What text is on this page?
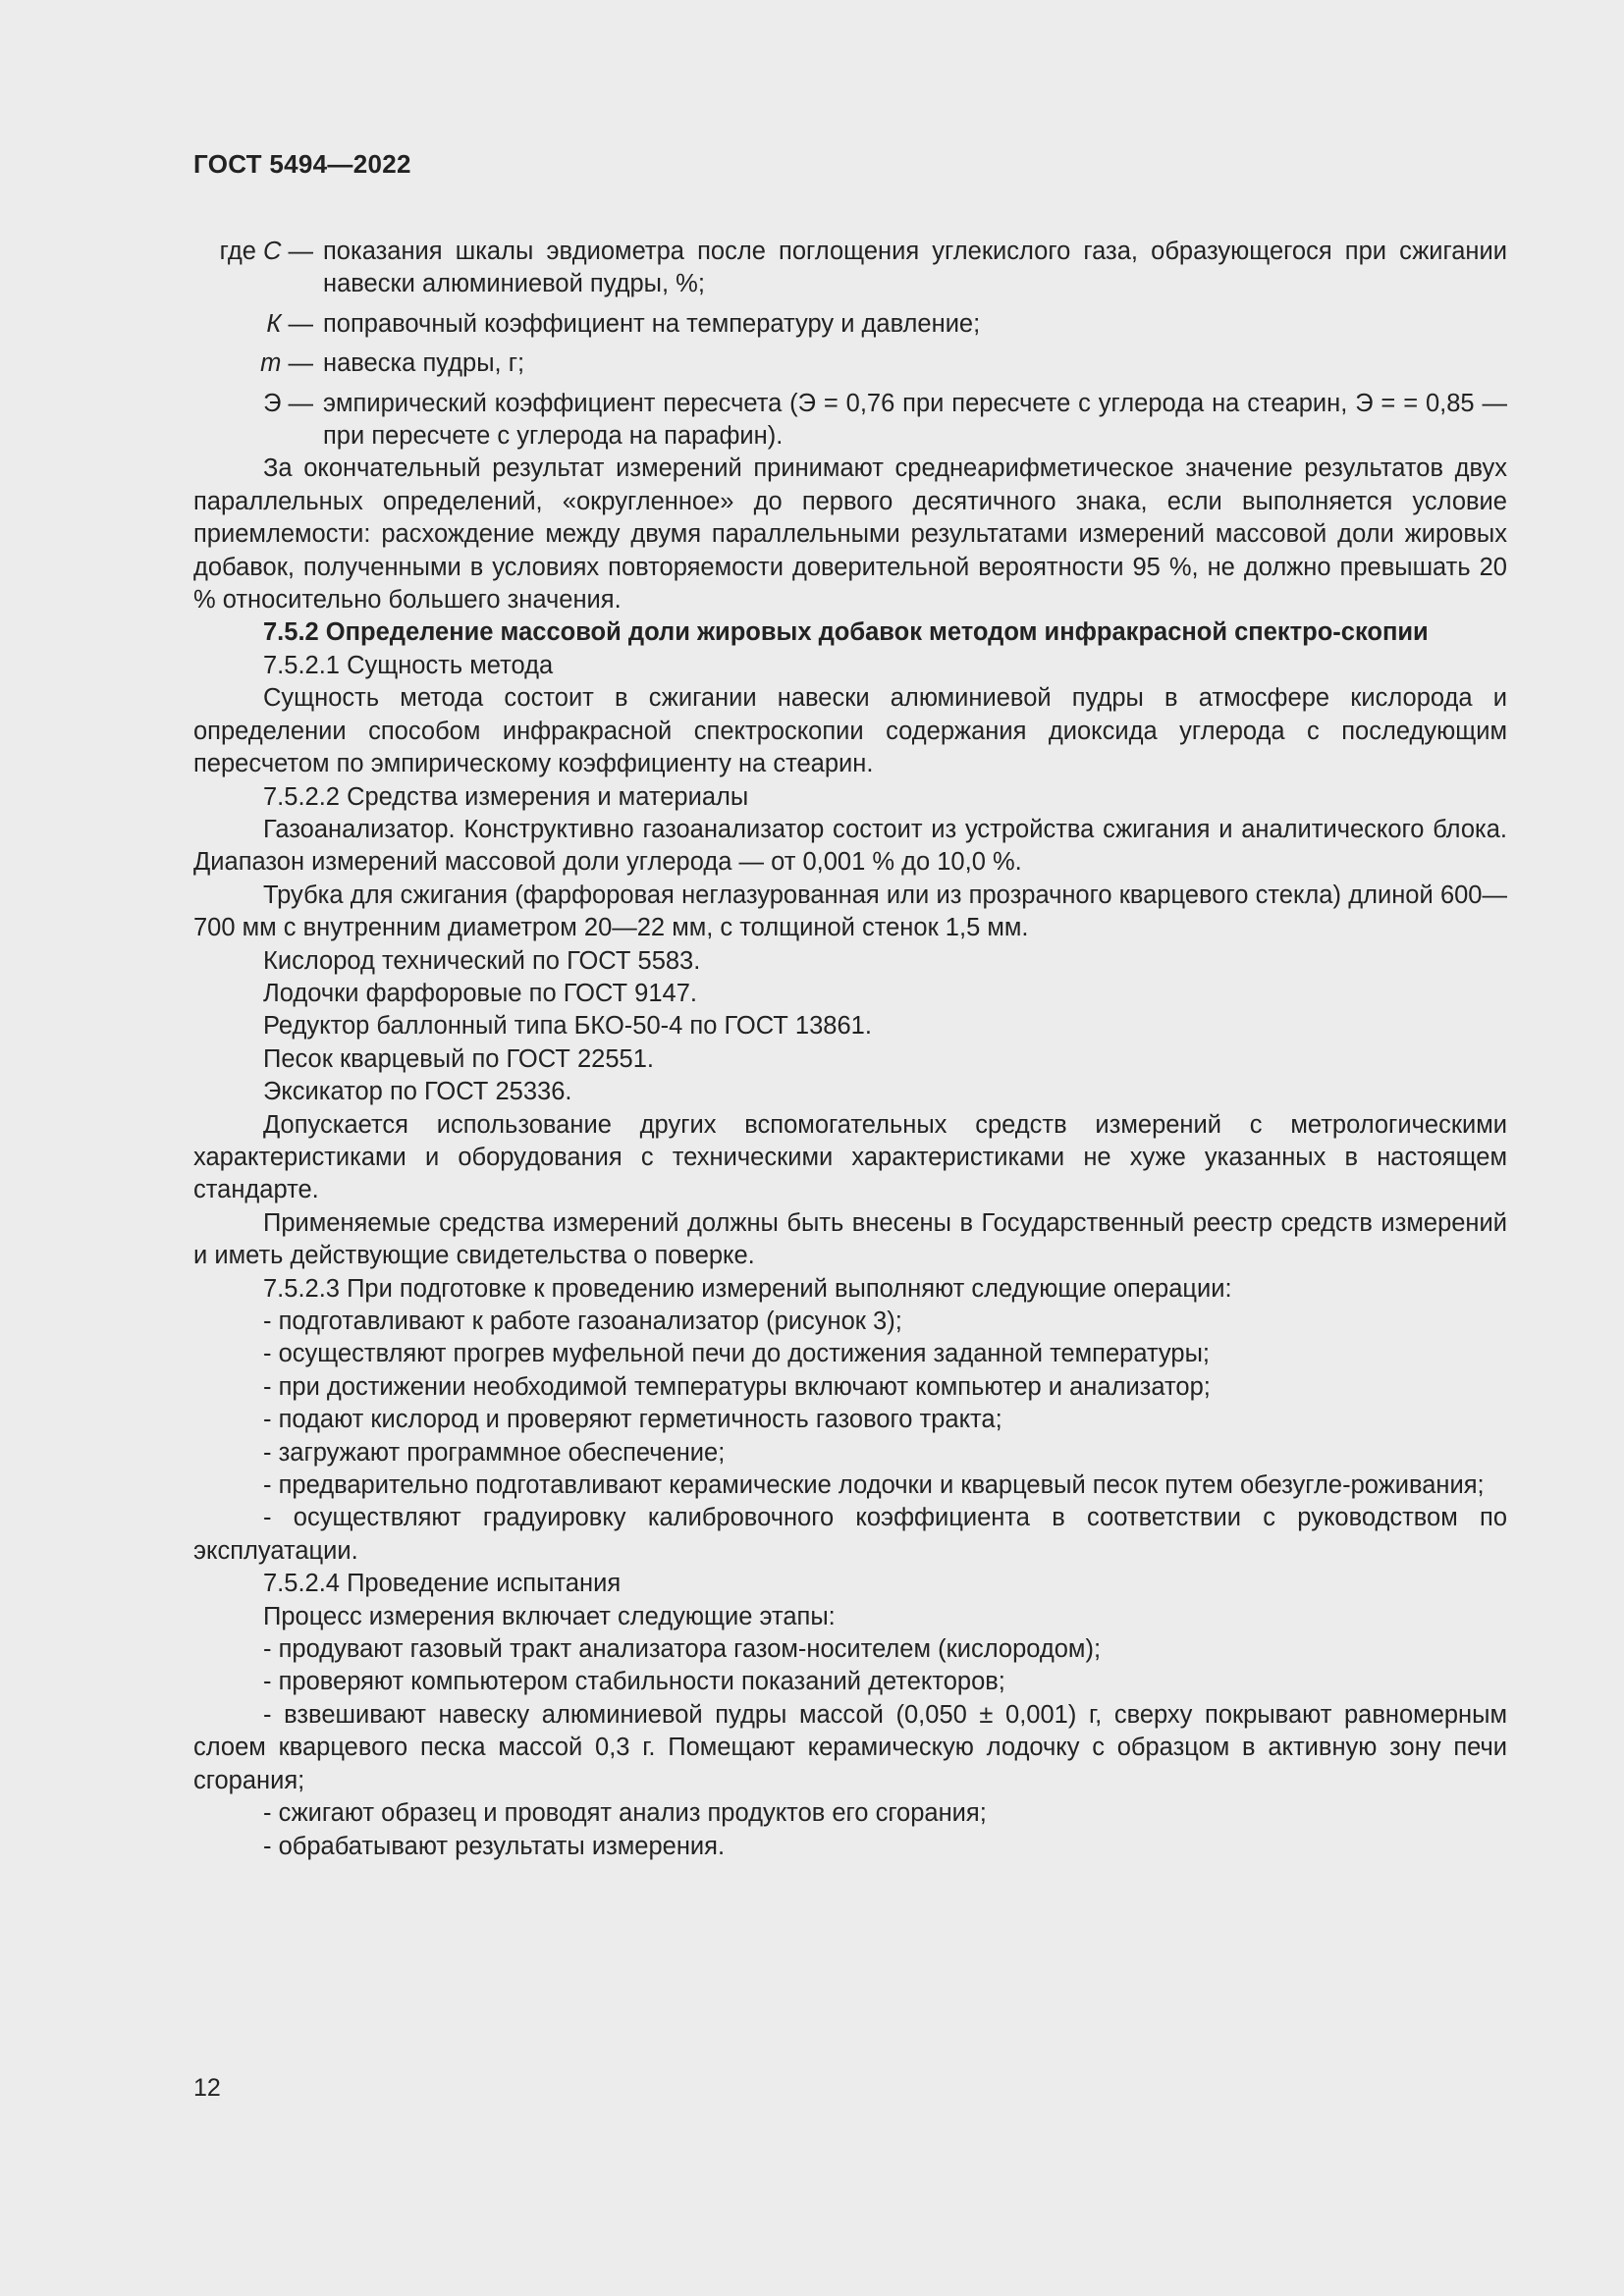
ГОСТ 5494—2022
где С —	показания шкалы эвдиометра после поглощения углекислого газа, образующегося при сжигании навески алюминиевой пудры, %;
К —	поправочный коэффициент на температуру и давление;
m —	навеска пудры, г;
Э —	эмпирический коэффициент пересчета (Э = 0,76 при пересчете с углерода на стеарин, Э = = 0,85 — при пересчете с углерода на парафин).

За окончательный результат измерений принимают среднеарифметическое значение результатов двух параллельных определений, «округленное» до первого десятичного знака, если выполняется условие приемлемости: расхождение между двумя параллельными результатами измерений массовой доли жировых добавок, полученными в условиях повторяемости доверительной вероятности 95 %, не должно превышать 20 % относительно большего значения.

7.5.2 Определение массовой доли жировых добавок методом инфракрасной спектро-скопии

7.5.2.1 Сущность метода

Сущность метода состоит в сжигании навески алюминиевой пудры в атмосфере кислорода и определении способом инфракрасной спектроскопии содержания диоксида углерода с последующим пересчетом по эмпирическому коэффициенту на стеарин.

7.5.2.2 Средства измерения и материалы

Газоанализатор. Конструктивно газоанализатор состоит из устройства сжигания и аналитического блока. Диапазон измерений массовой доли углерода — от 0,001 % до 10,0 %.

Трубка для сжигания (фарфоровая неглазурованная или из прозрачного кварцевого стекла) длиной 600—700 мм с внутренним диаметром 20—22 мм, с толщиной стенок 1,5 мм.

Кислород технический по ГОСТ 5583.

Лодочки фарфоровые по ГОСТ 9147.

Редуктор баллонный типа БКО-50-4 по ГОСТ 13861.

Песок кварцевый по ГОСТ 22551.

Эксикатор по ГОСТ 25336.

Допускается использование других вспомогательных средств измерений с метрологическими характеристиками и оборудования с техническими характеристиками не хуже указанных в настоящем стандарте.

Применяемые средства измерений должны быть внесены в Государственный реестр средств измерений и иметь действующие свидетельства о поверке.

7.5.2.3 При подготовке к проведению измерений выполняют следующие операции:

- подготавливают к работе газоанализатор (рисунок 3);

- осуществляют прогрев муфельной печи до достижения заданной температуры;

- при достижении необходимой температуры включают компьютер и анализатор;

- подают кислород и проверяют герметичность газового тракта;

- загружают программное обеспечение;

- предварительно подготавливают керамические лодочки и кварцевый песок путем обезугле-роживания;

- осуществляют градуировку калибровочного коэффициента в соответствии с руководством по эксплуатации.

7.5.2.4 Проведение испытания

Процесс измерения включает следующие этапы:

- продувают газовый тракт анализатора газом-носителем (кислородом);

- проверяют компьютером стабильности показаний детекторов;

- взвешивают навеску алюминиевой пудры массой (0,050 ± 0,001) г, сверху покрывают равномерным слоем кварцевого песка массой 0,3 г. Помещают керамическую лодочку с образцом в активную зону печи сгорания;

- сжигают образец и проводят анализ продуктов его сгорания;

- обрабатывают результаты измерения.

12
